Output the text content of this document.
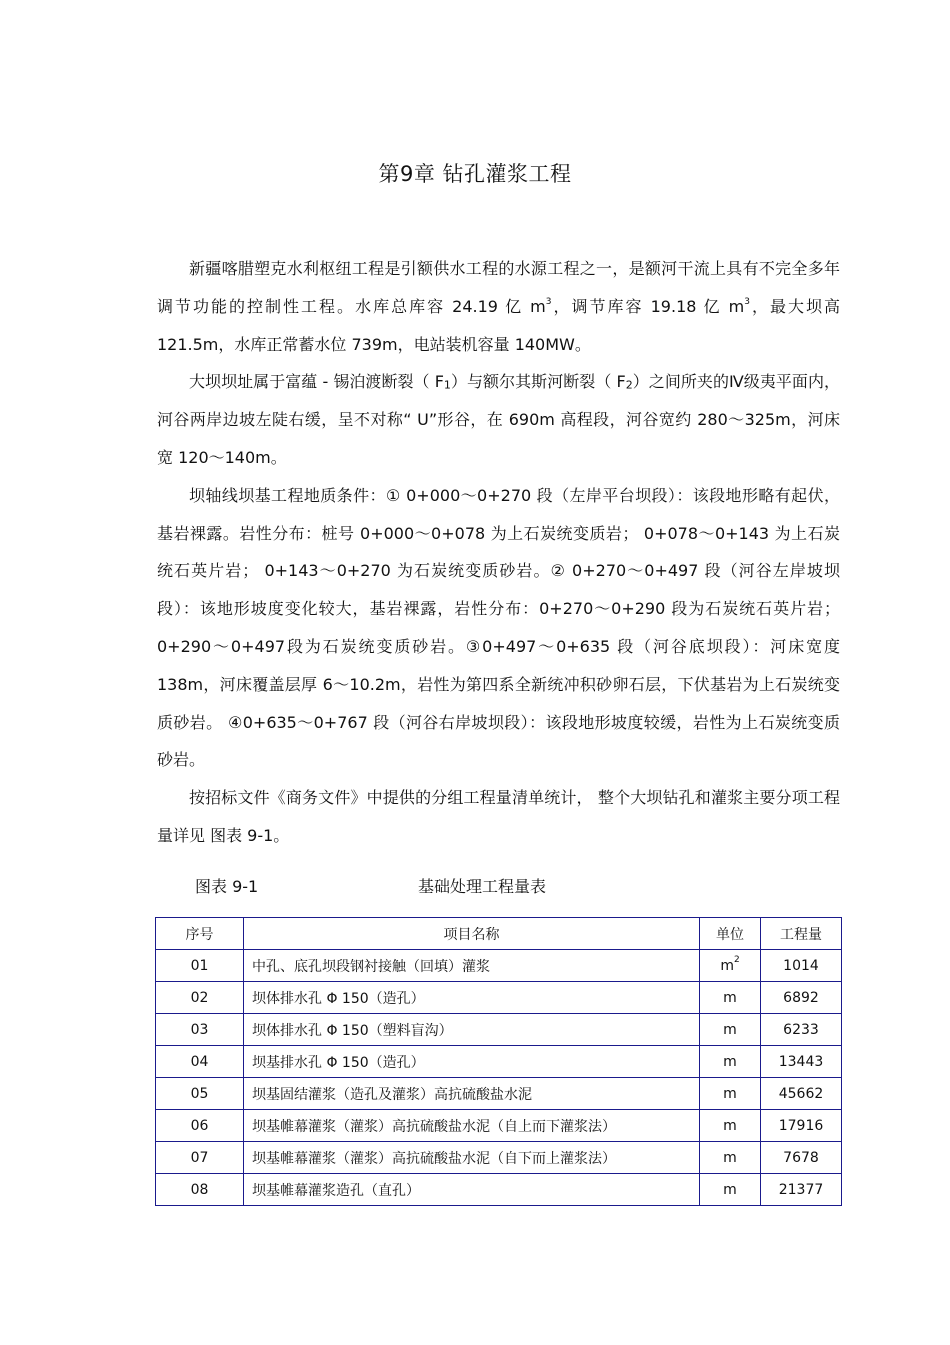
第9章 钻孔灌浆工程

新疆喀腊塑克水利枢纽工程是引额供水工程的水源工程之一，是额河干流上具有不完全多年调节功能的控制性工程。水库总库容 24.19 亿 $m^3$，调节库容 19.18 亿 $m^3$，最大坝高 121.5m，水库正常蓄水位 739m，电站装机容量 140MW。

大坝坝址属于富蕴 - 锡泊渡断裂（ $F_1$）与额尔其斯河断裂（ $F_2$）之间所夹的Ⅳ级夷平面内，河谷两岸边坡左陡右缓，呈不对称“ U”形谷，在 690m 高程段，河谷宽约 280～325m，河床宽 120～140m。

坝轴线坝基工程地质条件：① 0+000～0+270 段（左岸平台坝段）：该段地形略有起伏，基岩裸露。岩性分布：桩号 0+000～0+078 为上石炭统变质岩； 0+078～0+143 为上石炭统石英片岩； 0+143～0+270 为石炭统变质砂岩。② 0+270～0+497 段（河谷左岸坡坝段）：该地形坡度变化较大，基岩裸露，岩性分布：0+270～0+290 段为石炭统石英片岩； 0+290～0+497段为石炭统变质砂岩。③0+497～0+635 段（河谷底坝段）：河床宽度 138m，河床覆盖层厚 6～10.2m，岩性为第四系全新统冲积砂卵石层，下伏基岩为上石炭统变质砂岩。 ④0+635～0+767 段（河谷右岸坡坝段）：该段地形坡度较缓，岩性为上石炭统变质砂岩。

按招标文件《商务文件》中提供的分组工程量清单统计， 整个大坝钻孔和灌浆主要分项工程量详见 图表 9-1。

图表 9-1	基础处理工程量表
序号	项目名称	单位	工程量
01	中孔、底孔坝段钢衬接触（回填）灌浆	$m^2$	1014
02	坝体排水孔 Φ 150（造孔）	m	6892
03	坝体排水孔 Φ 150（塑料盲沟）	m	6233
04	坝基排水孔 Φ 150（造孔）	m	13443
05	坝基固结灌浆（造孔及灌浆）高抗硫酸盐水泥	m	45662
06	坝基帷幕灌浆（灌浆）高抗硫酸盐水泥（自上而下灌浆法）	m	17916
07	坝基帷幕灌浆（灌浆）高抗硫酸盐水泥（自下而上灌浆法）	m	7678
08	坝基帷幕灌浆造孔（直孔）	m	21377
